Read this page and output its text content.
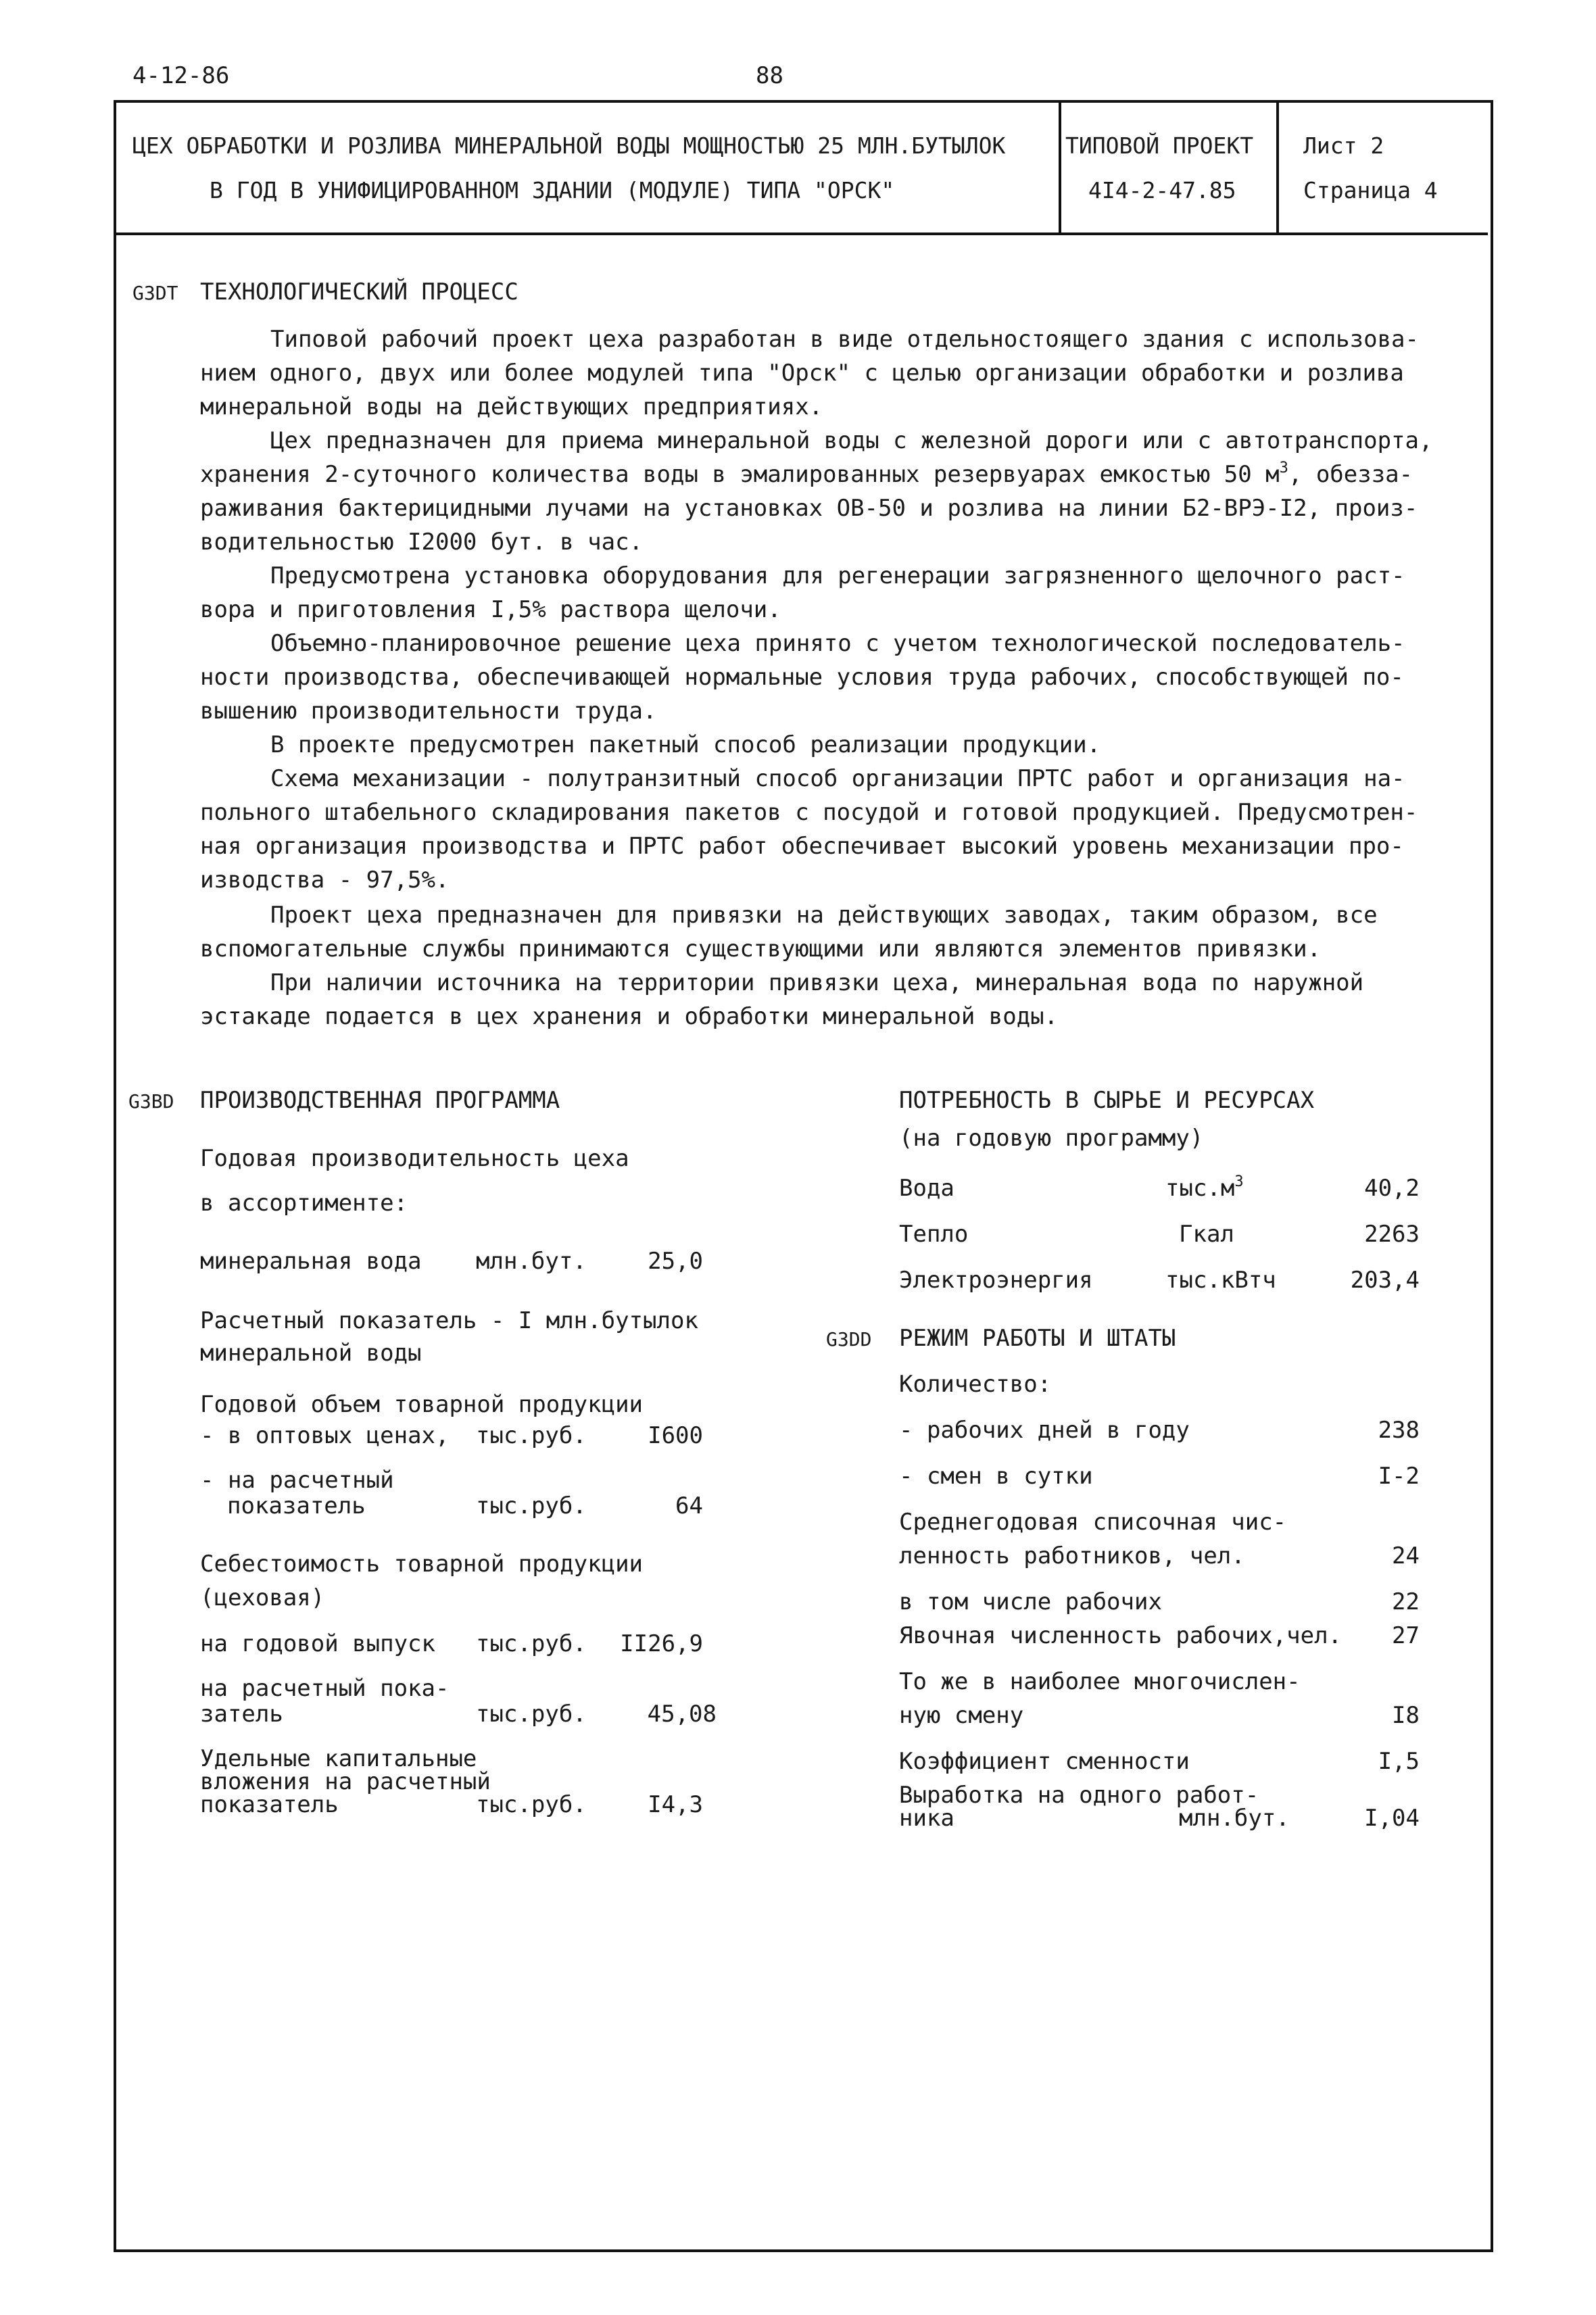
4-12-86	88
ЦЕХ ОБРАБОТКИ И РОЗЛИВА МИНЕРАЛЬНОЙ ВОДЫ МОЩНОСТЬЮ 25 МЛН.БУТЫЛОК
В ГОД В УНИФИЦИРОВАННОМ ЗДАНИИ (МОДУЛЕ) ТИПА "ОРСК"
ТИПОВОЙ ПРОЕКТ
4I4-2-47.85
Лист 2
Страница 4
G3DT ТЕХНОЛОГИЧЕСКИЙ ПРОЦЕСС
Типовой рабочий проект цеха разработан в виде отдельностоящего здания с использова-
нием одного, двух или более модулей типа "Орск" с целью организации обработки и розлива
минеральной воды на действующих предприятиях.
Цех предназначен для приема минеральной воды с железной дороги или с автотранспорта,
хранения 2-суточного количества воды в эмалированных резервуарах емкостью 50 $м^3$, обезза-
раживания бактерицидными лучами на установках ОВ-50 и розлива на линии Б2-ВРЭ-I2, произ-
водительностью I2000 бут. в час.
Предусмотрена установка оборудования для регенерации загрязненного щелочного раст-
вора и приготовления I,5% раствора щелочи.
Объемно-планировочное решение цеха принято с учетом технологической последователь-
ности производства, обеспечивающей нормальные условия труда рабочих, способствующей по-
вышению производительности труда.
В проекте предусмотрен пакетный способ реализации продукции.
Схема механизации - полутранзитный способ организации ПРТС работ и организация на-
польного штабельного складирования пакетов с посудой и готовой продукцией. Предусмотрен-
ная организация производства и ПРТС работ обеспечивает высокий уровень механизации про-
изводства - 97,5%.
Проект цеха предназначен для привязки на действующих заводах, таким образом, все
вспомогательные службы принимаются существующими или являются элементов привязки.
При наличии источника на территории привязки цеха, минеральная вода по наружной
эстакаде подается в цех хранения и обработки минеральной воды.
G3BD ПРОИЗВОДСТВЕННАЯ ПРОГРАММА
Годовая производительность цеха
в ассортименте:
минеральная вода млн.бут.	25,0
Расчетный показатель - I млн.бутылок
минеральной воды
Годовой объем товарной продукции
- в оптовых ценах, тыс.руб.	I600
- на расчетный
показатель	тыс.руб.	64
Себестоимость товарной продукции
(цеховая)
на годовой выпуск тыс.руб.	II26,9
на расчетный пока-
затель	тыс.руб.	45,08
Удельные капитальные
вложения на расчетный
показатель	тыс.руб.	I4,3
ПОТРЕБНОСТЬ В СЫРЬЕ И РЕСУРСАХ
(на годовую программу)
Вода	$тыс.м^3$	40,2
Тепло	Гкал	2263
Электроэнергия	тыс.кВтч	203,4
G3DD РЕЖИМ РАБОТЫ И ШТАТЫ
Количество:
- рабочих дней в году	238
- смен в сутки	I-2
Среднегодовая списочная чис-
ленность работников, чел.	24
в том числе рабочих	22
Явочная численность рабочих,чел.	27
То же в наиболее многочислен-
ную смену	I8
Коэффициент сменности	I,5
Выработка на одного работ-
ника	млн.бут.	I,04
